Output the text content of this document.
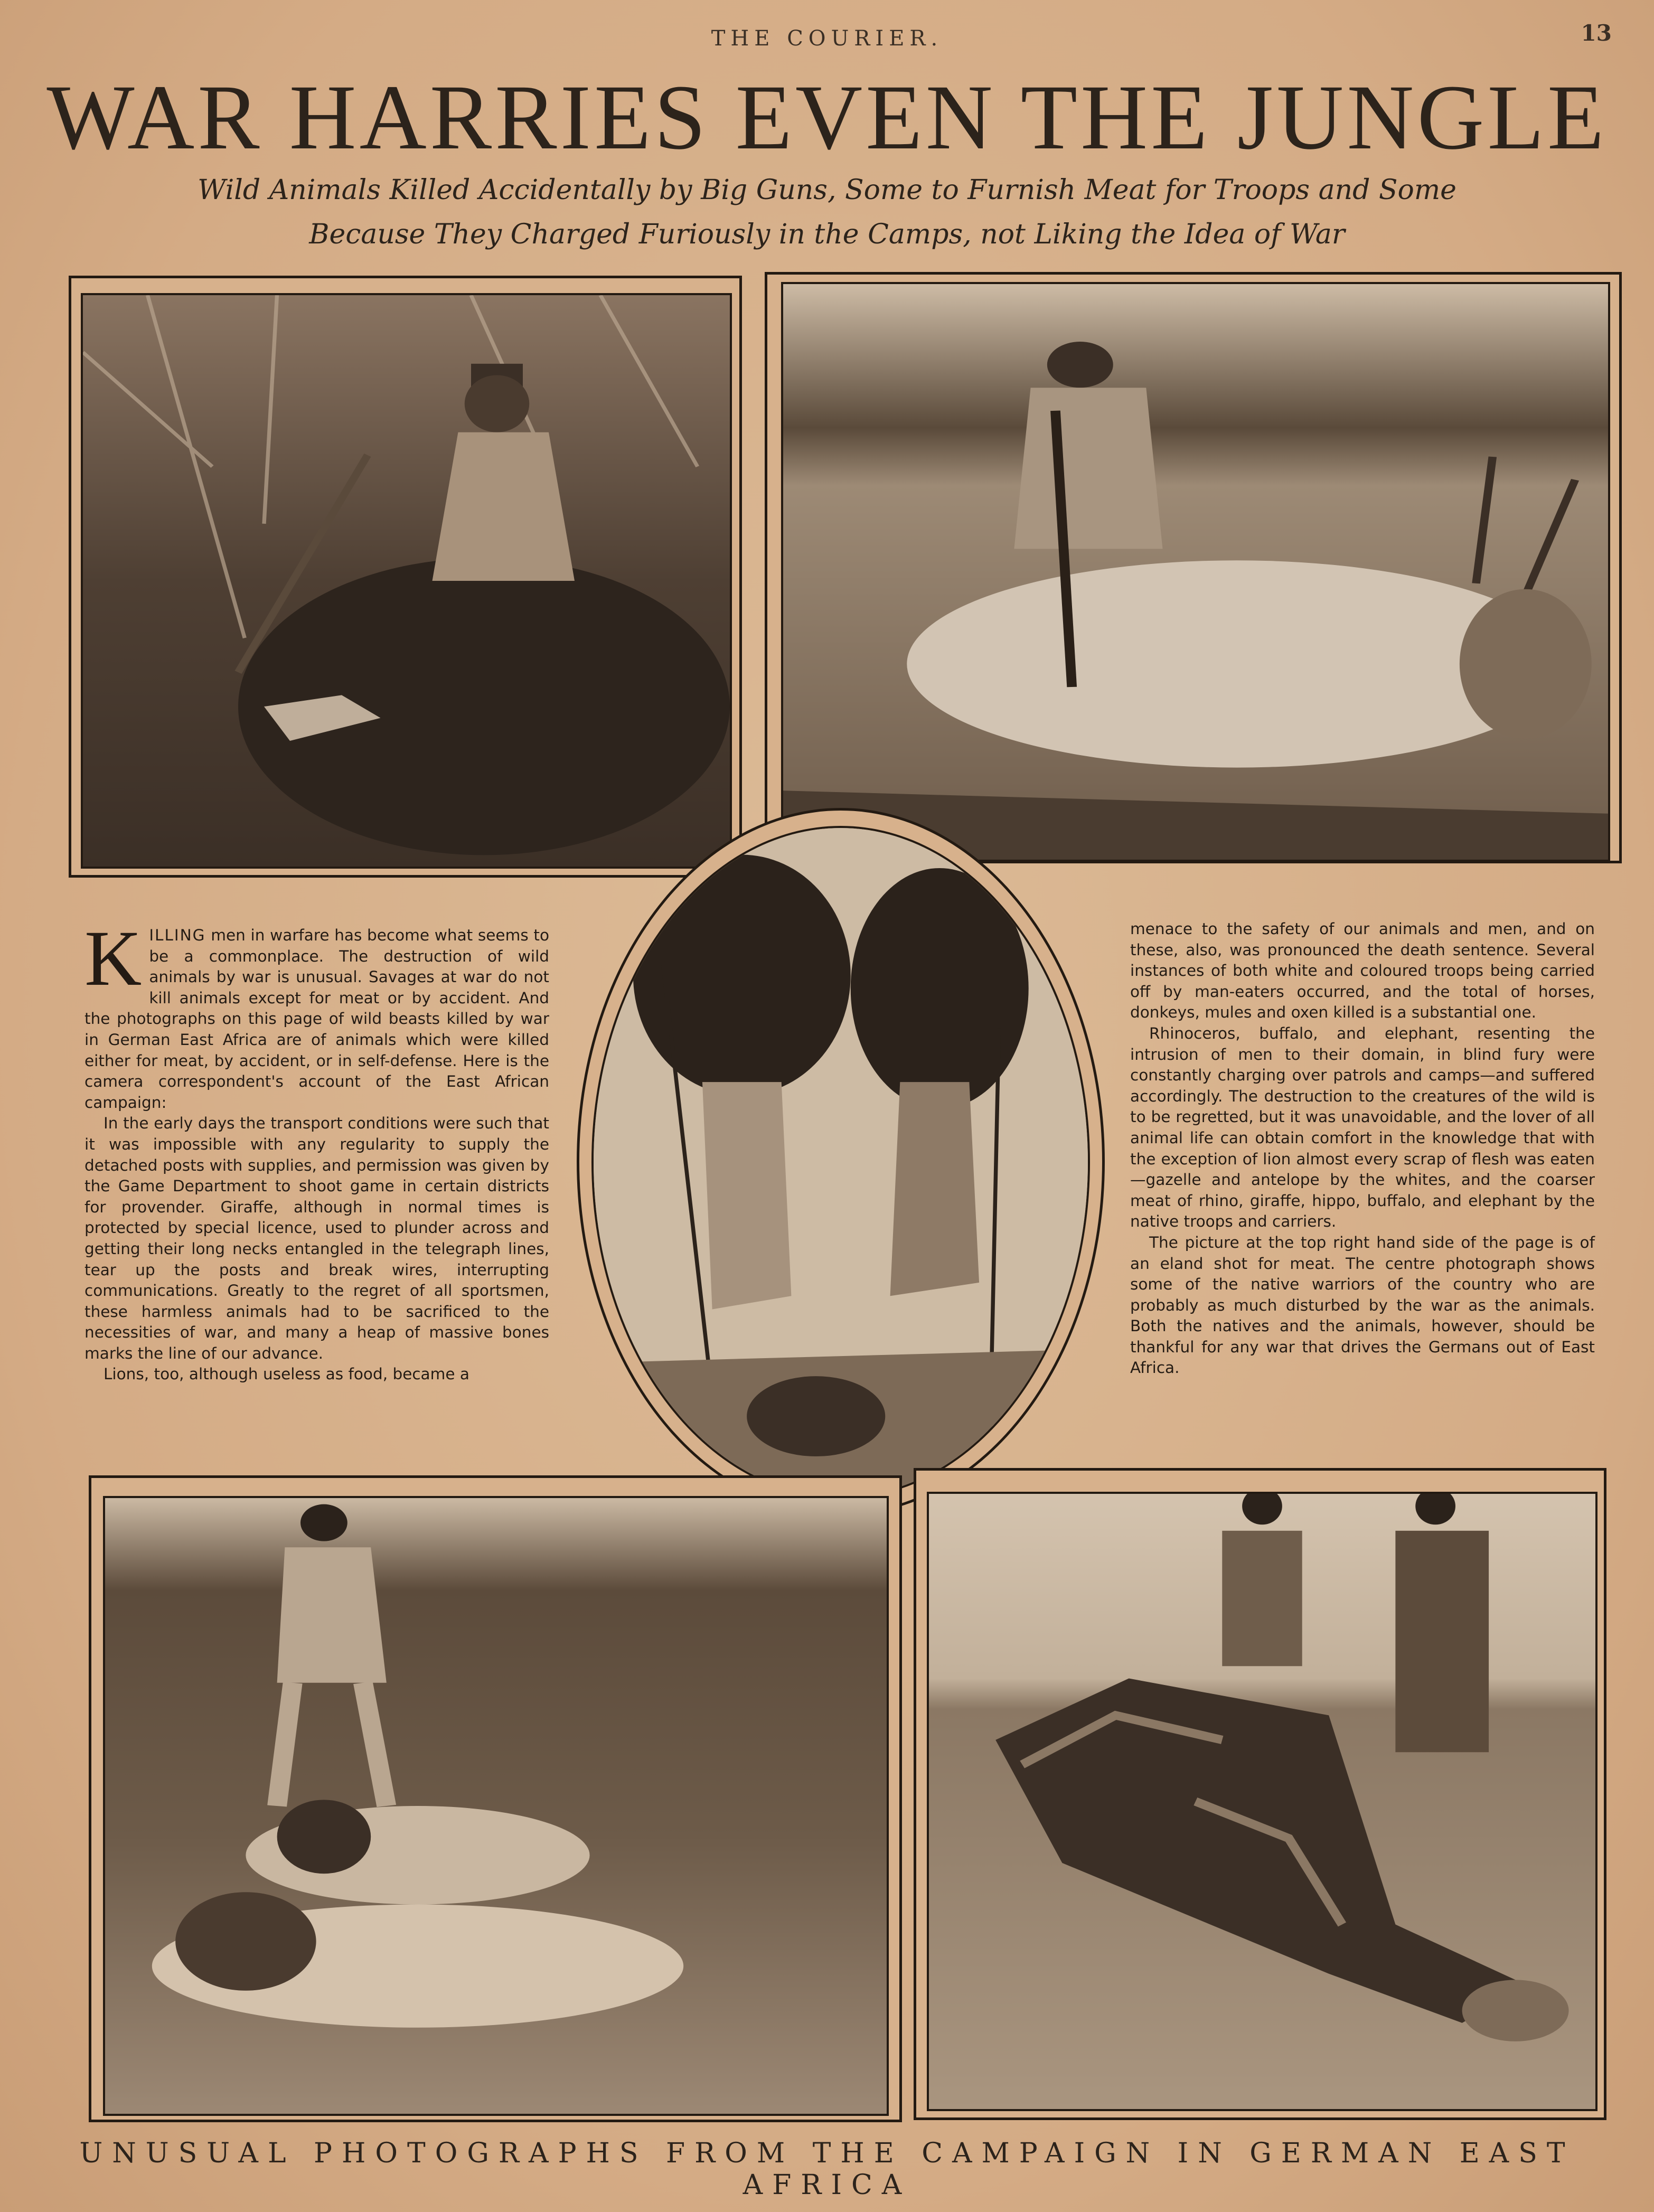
THE COURIER.	13
WAR HARRIES EVEN THE JUNGLE
Wild Animals Killed Accidentally by Big Guns, Some to Furnish Meat for Troops and Some
Because They Charged Furiously in the Camps, not Liking the Idea of War

KILLING men in warfare has become what seems to be a commonplace. The destruction of wild animals by war is unusual. Savages at war do not kill animals except for meat or by accident. And the photographs on this page of wild beasts killed by war in German East Africa are of animals which were killed either for meat, by accident, or in self-defense. Here is the camera correspondent's account of the East African campaign:

In the early days the transport conditions were such that it was impossible with any regularity to supply the detached posts with supplies, and permission was given by the Game Department to shoot game in certain districts for provender. Giraffe, although in normal times is protected by special licence, used to plunder across and getting their long necks entangled in the telegraph lines, tear up the posts and break wires, interrupting communications. Greatly to the regret of all sportsmen, these harmless animals had to be sacrificed to the necessities of war, and many a heap of massive bones marks the line of our advance.

Lions, too, although useless as food, became a

menace to the safety of our animals and men, and on these, also, was pronounced the death sentence. Several instances of both white and coloured troops being carried off by man-eaters occurred, and the total of horses, donkeys, mules and oxen killed is a substantial one.

Rhinoceros, buffalo, and elephant, resenting the intrusion of men to their domain, in blind fury were constantly charging over patrols and camps—and suffered accordingly. The destruction to the creatures of the wild is to be regretted, but it was unavoidable, and the lover of all animal life can obtain comfort in the knowledge that with the exception of lion almost every scrap of flesh was eaten—gazelle and antelope by the whites, and the coarser meat of rhino, giraffe, hippo, buffalo, and elephant by the native troops and carriers.

The picture at the top right hand side of the page is of an eland shot for meat. The centre photograph shows some of the native warriors of the country who are probably as much disturbed by the war as the animals. Both the natives and the animals, however, should be thankful for any war that drives the Germans out of East Africa.

UNUSUAL PHOTOGRAPHS FROM THE CAMPAIGN IN GERMAN EAST AFRICA
